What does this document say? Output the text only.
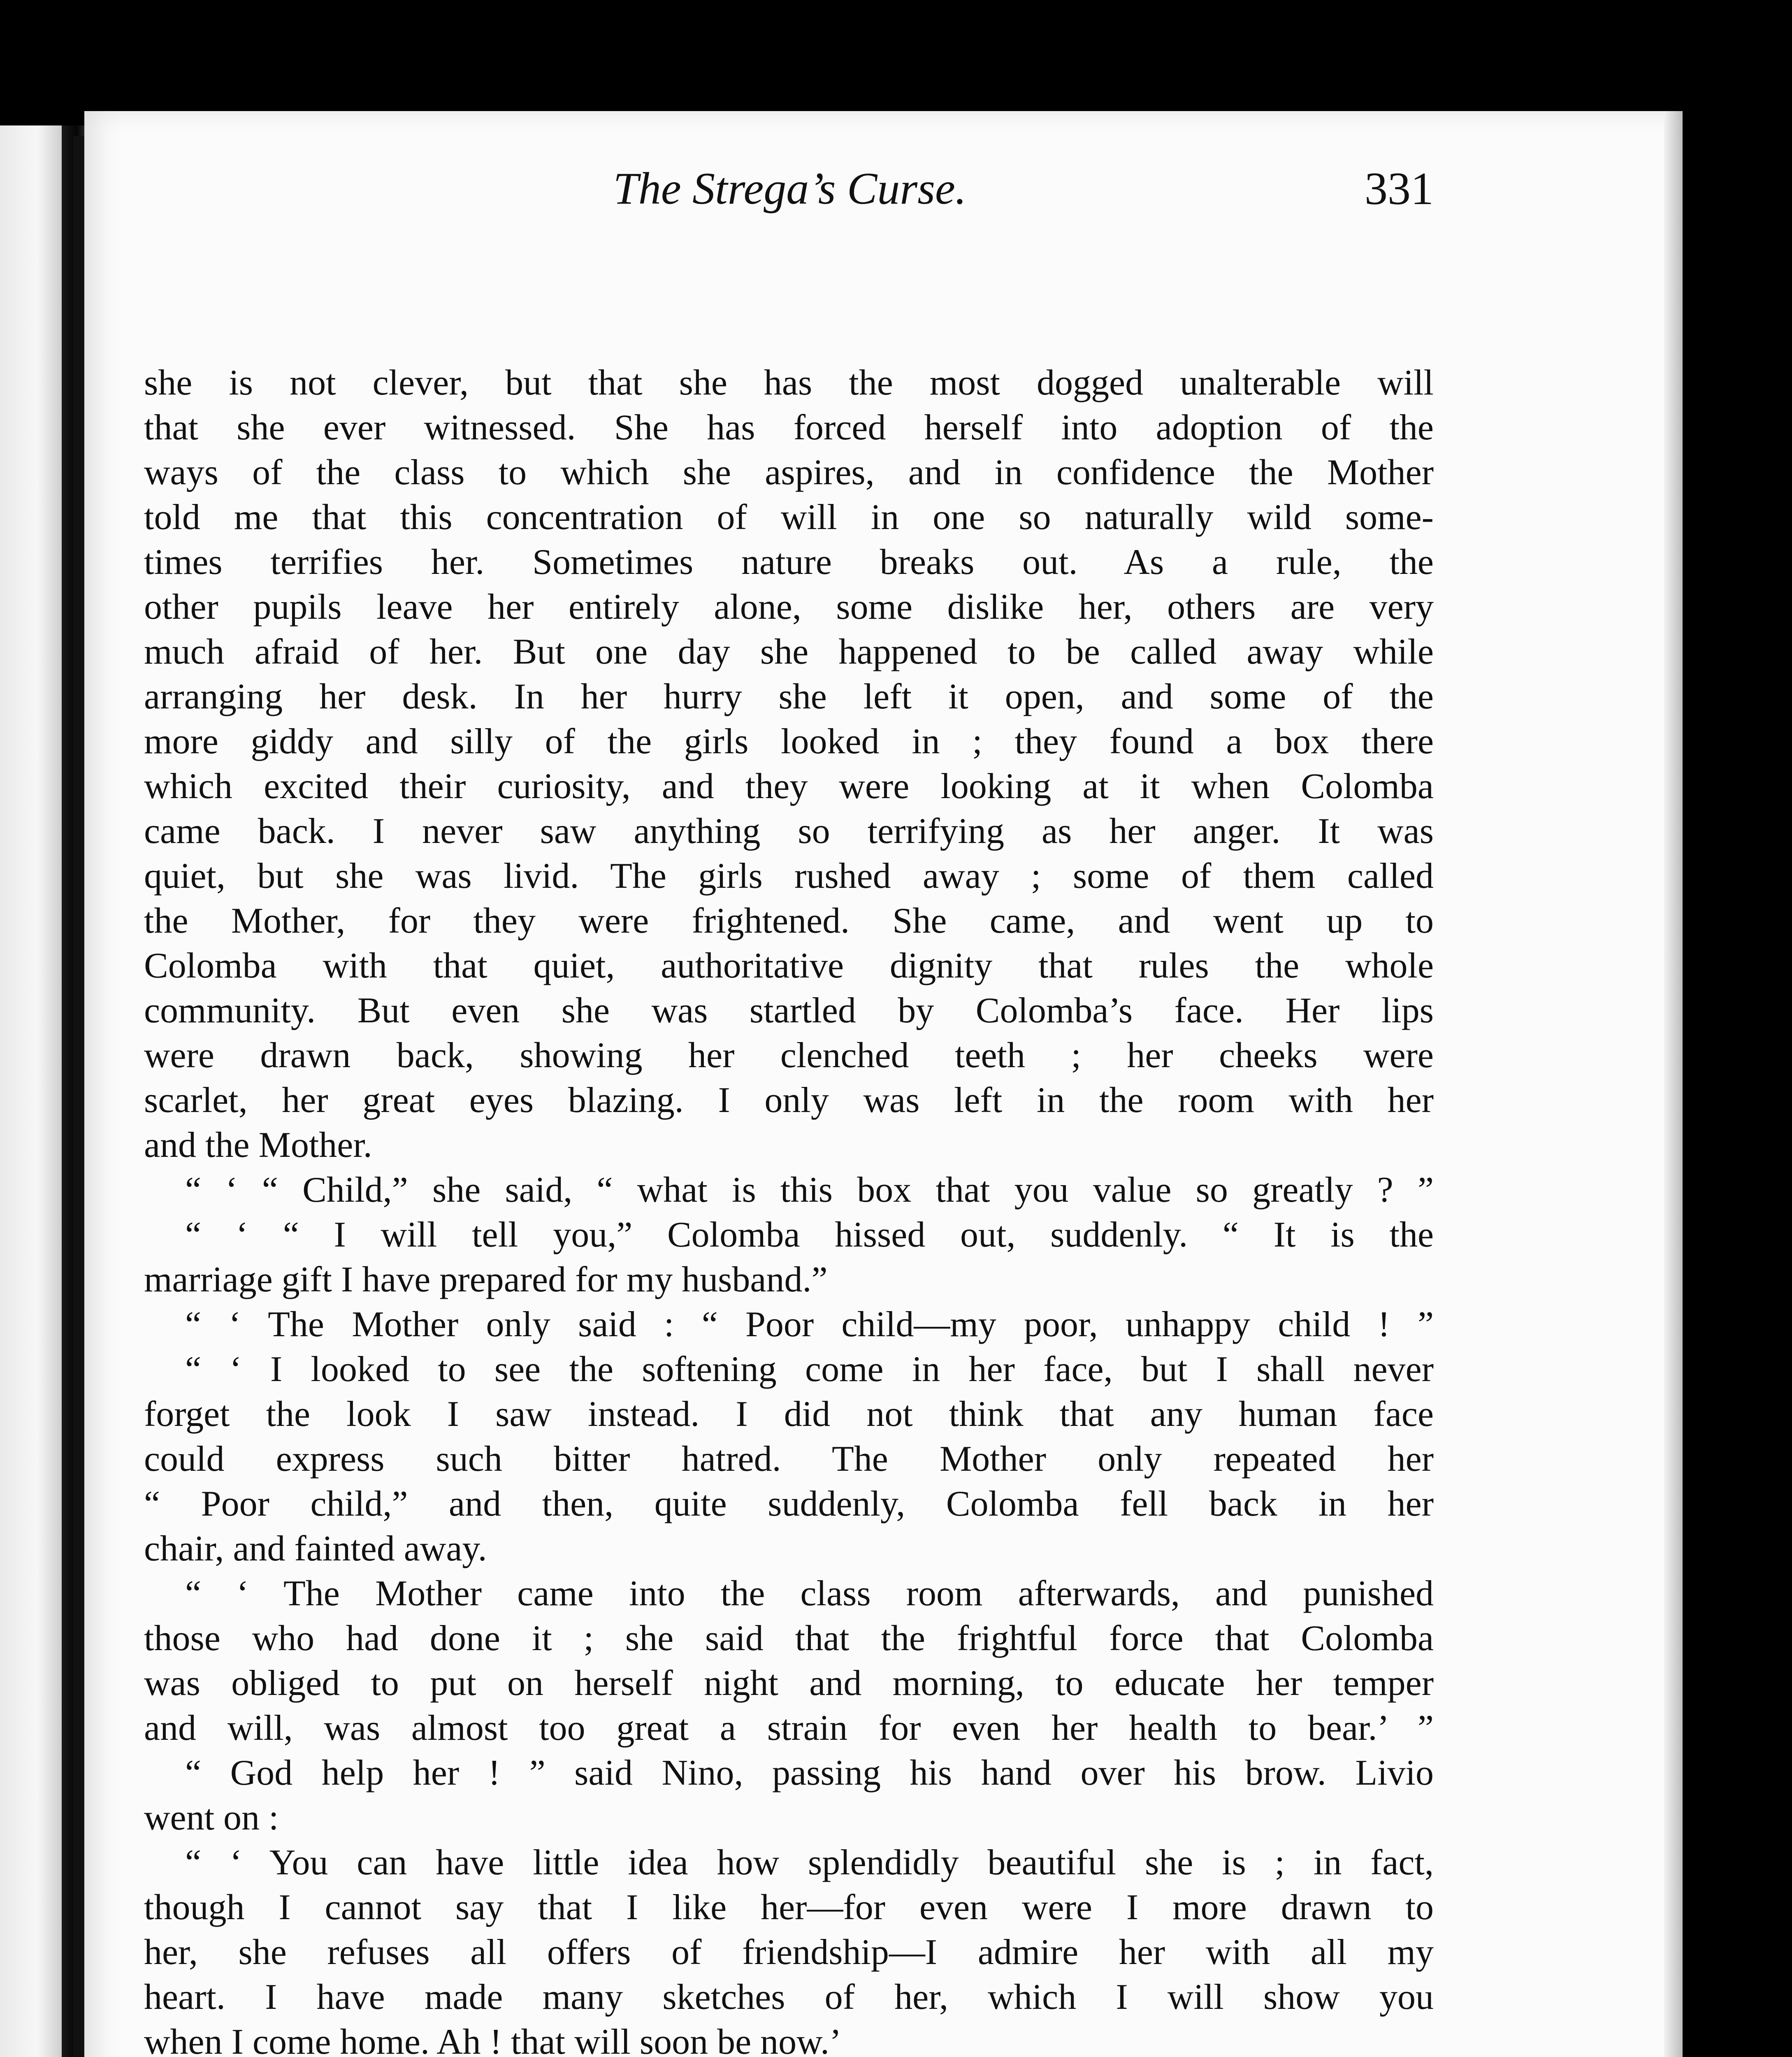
The Strega’s Curse.	331
she is not clever, but that she has the most dogged unalterable will
that she ever witnessed. She has forced herself into adoption of the
ways of the class to which she aspires, and in confidence the Mother
told me that this concentration of will in one so naturally wild some-
times terrifies her. Sometimes nature breaks out. As a rule, the
other pupils leave her entirely alone, some dislike her, others are very
much afraid of her. But one day she happened to be called away while
arranging her desk. In her hurry she left it open, and some of the
more giddy and silly of the girls looked in ; they found a box there
which excited their curiosity, and they were looking at it when Colomba
came back. I never saw anything so terrifying as her anger. It was
quiet, but she was livid. The girls rushed away ; some of them called
the Mother, for they were frightened. She came, and went up to
Colomba with that quiet, authoritative dignity that rules the whole
community. But even she was startled by Colomba’s face. Her lips
were drawn back, showing her clenched teeth ; her cheeks were
scarlet, her great eyes blazing. I only was left in the room with her
and the Mother.
“ ‘ “ Child,” she said, “ what is this box that you value so greatly ? ”
“ ‘ “ I will tell you,” Colomba hissed out, suddenly. “ It is the
marriage gift I have prepared for my husband.”
“ ‘ The Mother only said : “ Poor child—my poor, unhappy child ! ”
“ ‘ I looked to see the softening come in her face, but I shall never
forget the look I saw instead. I did not think that any human face
could express such bitter hatred. The Mother only repeated her
“ Poor child,” and then, quite suddenly, Colomba fell back in her
chair, and fainted away.
“ ‘ The Mother came into the class room afterwards, and punished
those who had done it ; she said that the frightful force that Colomba
was obliged to put on herself night and morning, to educate her temper
and will, was almost too great a strain for even her health to bear.’ ”
“ God help her ! ” said Nino, passing his hand over his brow. Livio
went on :
“ ‘ You can have little idea how splendidly beautiful she is ; in fact,
though I cannot say that I like her—for even were I more drawn to
her, she refuses all offers of friendship—I admire her with all my
heart. I have made many sketches of her, which I will show you
when I come home. Ah ! that will soon be now.’
